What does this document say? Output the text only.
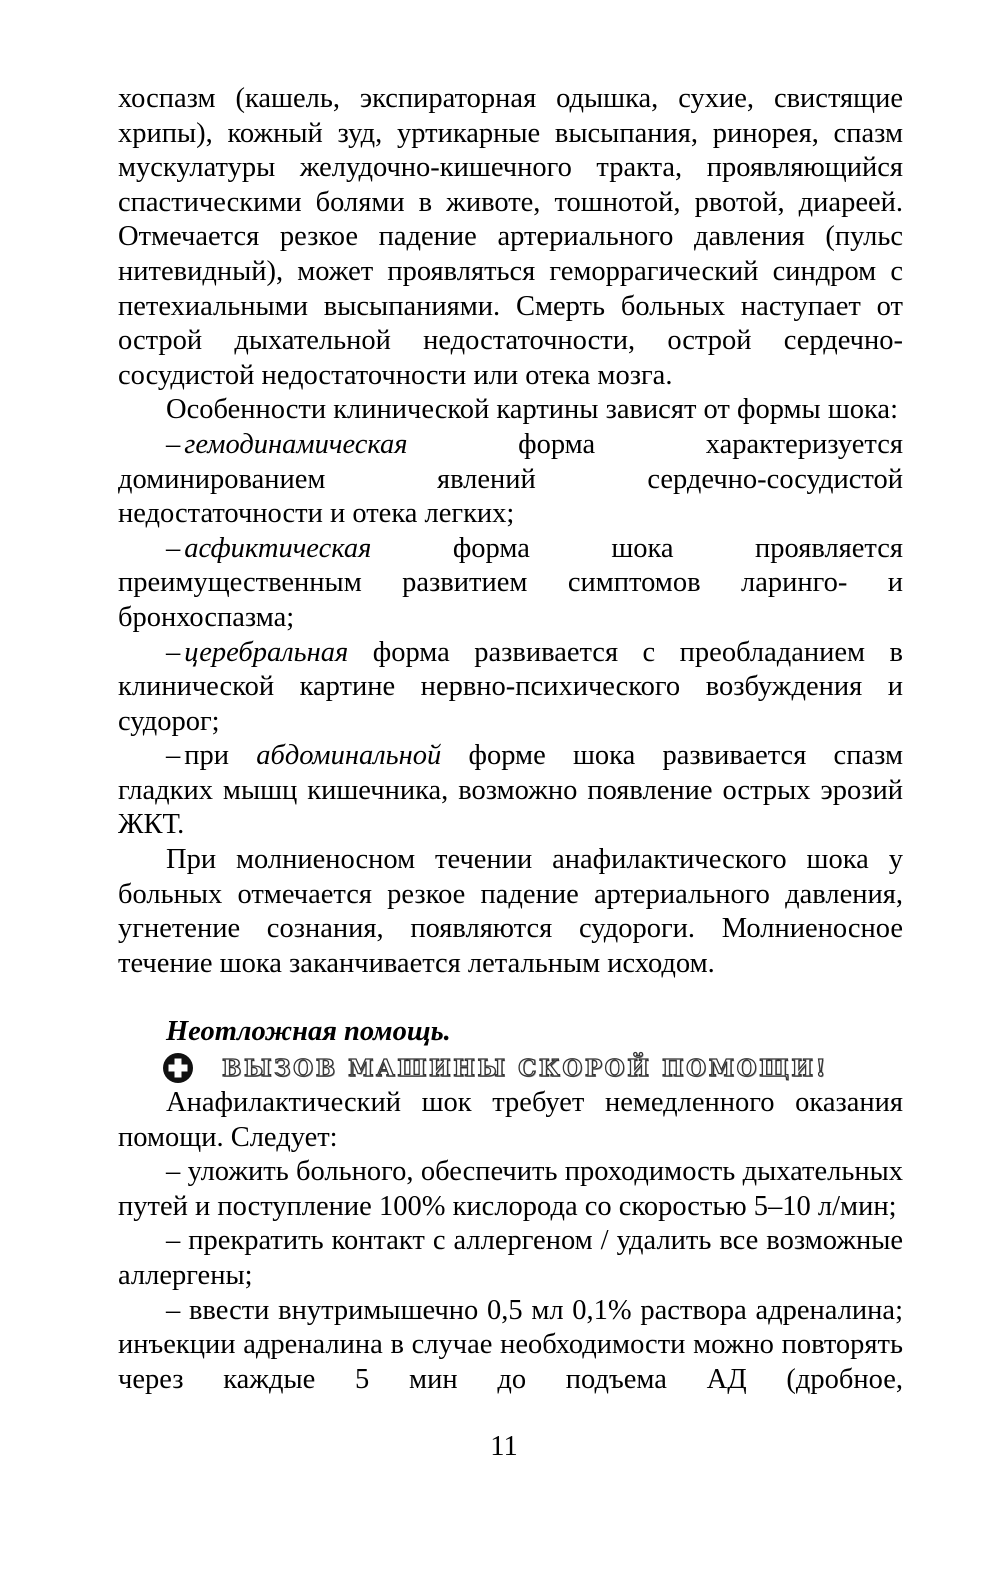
хоспазм (кашель, экспираторная одышка, сухие, свистящие хрипы), кожный зуд, уртикарные высыпания, ринорея, спазм мускулатуры желудочно-кишечного тракта, проявляющийся спастическими болями в животе, тошнотой, рвотой, диареей. Отмечается резкое падение артериального давления (пульс нитевидный), может проявляться геморрагический синдром с петехиальными высыпаниями. Смерть больных наступает от острой дыхательной недостаточности, острой сердечно-сосудистой недостаточности или отека мозга.

Особенности клинической картины зависят от формы шока:

– гемодинамическая форма характеризуется доминированием явлений сердечно-сосудистой недостаточности и отека легких;

– асфиктическая форма шока проявляется преимущественным развитием симптомов ларинго- и бронхоспазма;

– церебральная форма развивается с преобладанием в клинической картине нервно-психического возбуждения и судорог;

– при абдоминальной форме шока развивается спазм гладких мышц кишечника, возможно появление острых эрозий ЖКТ.

При молниеносном течении анафилактического шока у больных отмечается резкое падение артериального давления, угнетение сознания, появляются судороги. Молниеносное течение шока заканчивается летальным исходом.

Неотложная помощь.

ВЫЗОВ МАШИНЫ СКОРОЙ ПОМОЩИ!

Анафилактический шок требует немедленного оказания помощи. Следует:

– уложить больного, обеспечить проходимость дыхательных путей и поступление 100% кислорода со скоростью 5–10 л/мин;

– прекратить контакт с аллергеном / удалить все возможные аллергены;

– ввести внутримышечно 0,5 мл 0,1% раствора адреналина; инъекции адреналина в случае необходимости можно повторять через каждые 5 мин до подъема АД (дробное,

11
